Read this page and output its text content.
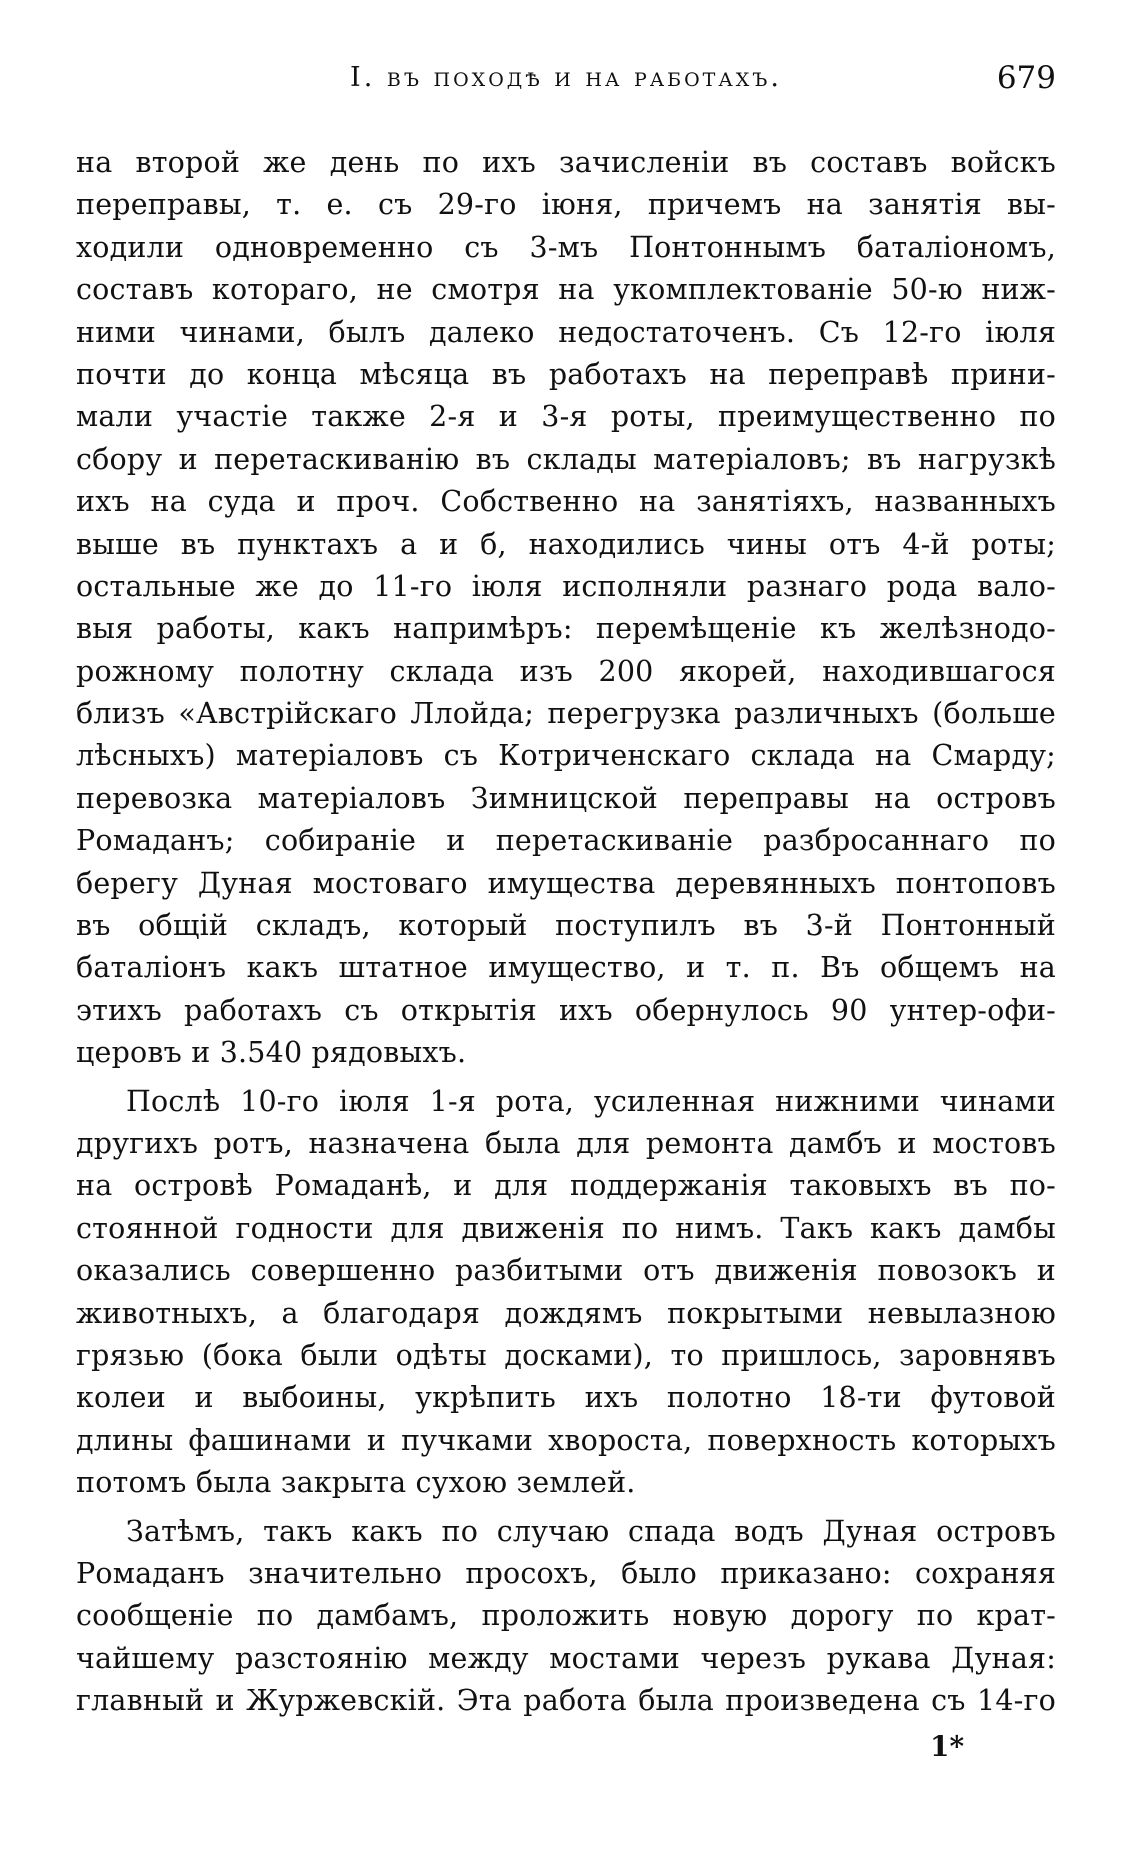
I. въ походѣ и на работахъ.	679
на второй же день по ихъ зачисленіи въ составъ войскъ
переправы, т. е. съ 29-го іюня, причемъ на занятія вы-
ходили одновременно съ 3-мъ Понтоннымъ баталіономъ,
составъ котораго, не смотря на укомплектованіе 50-ю ниж-
ними чинами, былъ далеко недостаточенъ. Съ 12-го іюля
почти до конца мѣсяца въ работахъ на переправѣ прини-
мали участіе также 2-я и 3-я роты, преимущественно по
сбору и перетаскиванію въ склады матеріаловъ; въ нагрузкѣ
ихъ на суда и проч. Собственно на занятіяхъ, названныхъ
выше въ пунктахъ а и б, находились чины отъ 4-й роты;
остальные же до 11-го іюля исполняли разнаго рода вало-
выя работы, какъ напримѣръ: перемѣщеніе къ желѣзнодо-
рожному полотну склада изъ 200 якорей, находившагося
близъ «Австрійскаго Ллойда; перегрузка различныхъ (больше
лѣсныхъ) матеріаловъ съ Котриченскаго склада на Смарду;
перевозка матеріаловъ Зимницской переправы на островъ
Ромаданъ; собираніе и перетаскиваніе разбросаннаго по
берегу Дуная мостоваго имущества деревянныхъ понтоповъ
въ общій складъ, который поступилъ въ 3-й Понтонный
баталіонъ какъ штатное имущество, и т. п. Въ общемъ на
этихъ работахъ съ открытія ихъ обернулось 90 унтер-офи-
церовъ и 3.540 рядовыхъ.
Послѣ 10-го іюля 1-я рота, усиленная нижними чинами
другихъ ротъ, назначена была для ремонта дамбъ и мостовъ
на островѣ Ромаданѣ, и для поддержанія таковыхъ въ по-
стоянной годности для движенія по нимъ. Такъ какъ дамбы
оказались совершенно разбитыми отъ движенія повозокъ и
животныхъ, а благодаря дождямъ покрытыми невылазною
грязью (бока были одѣты досками), то пришлось, заровнявъ
колеи и выбоины, укрѣпить ихъ полотно 18-ти футовой
длины фашинами и пучками хвороста, поверхность которыхъ
потомъ была закрыта сухою землей.
Затѣмъ, такъ какъ по случаю спада водъ Дуная островъ
Ромаданъ значительно просохъ, было приказано: сохраняя
сообщеніе по дамбамъ, проложить новую дорогу по крат-
чайшему разстоянію между мостами черезъ рукава Дуная:
главный и Журжевскій. Эта работа была произведена съ 14-го
1*
